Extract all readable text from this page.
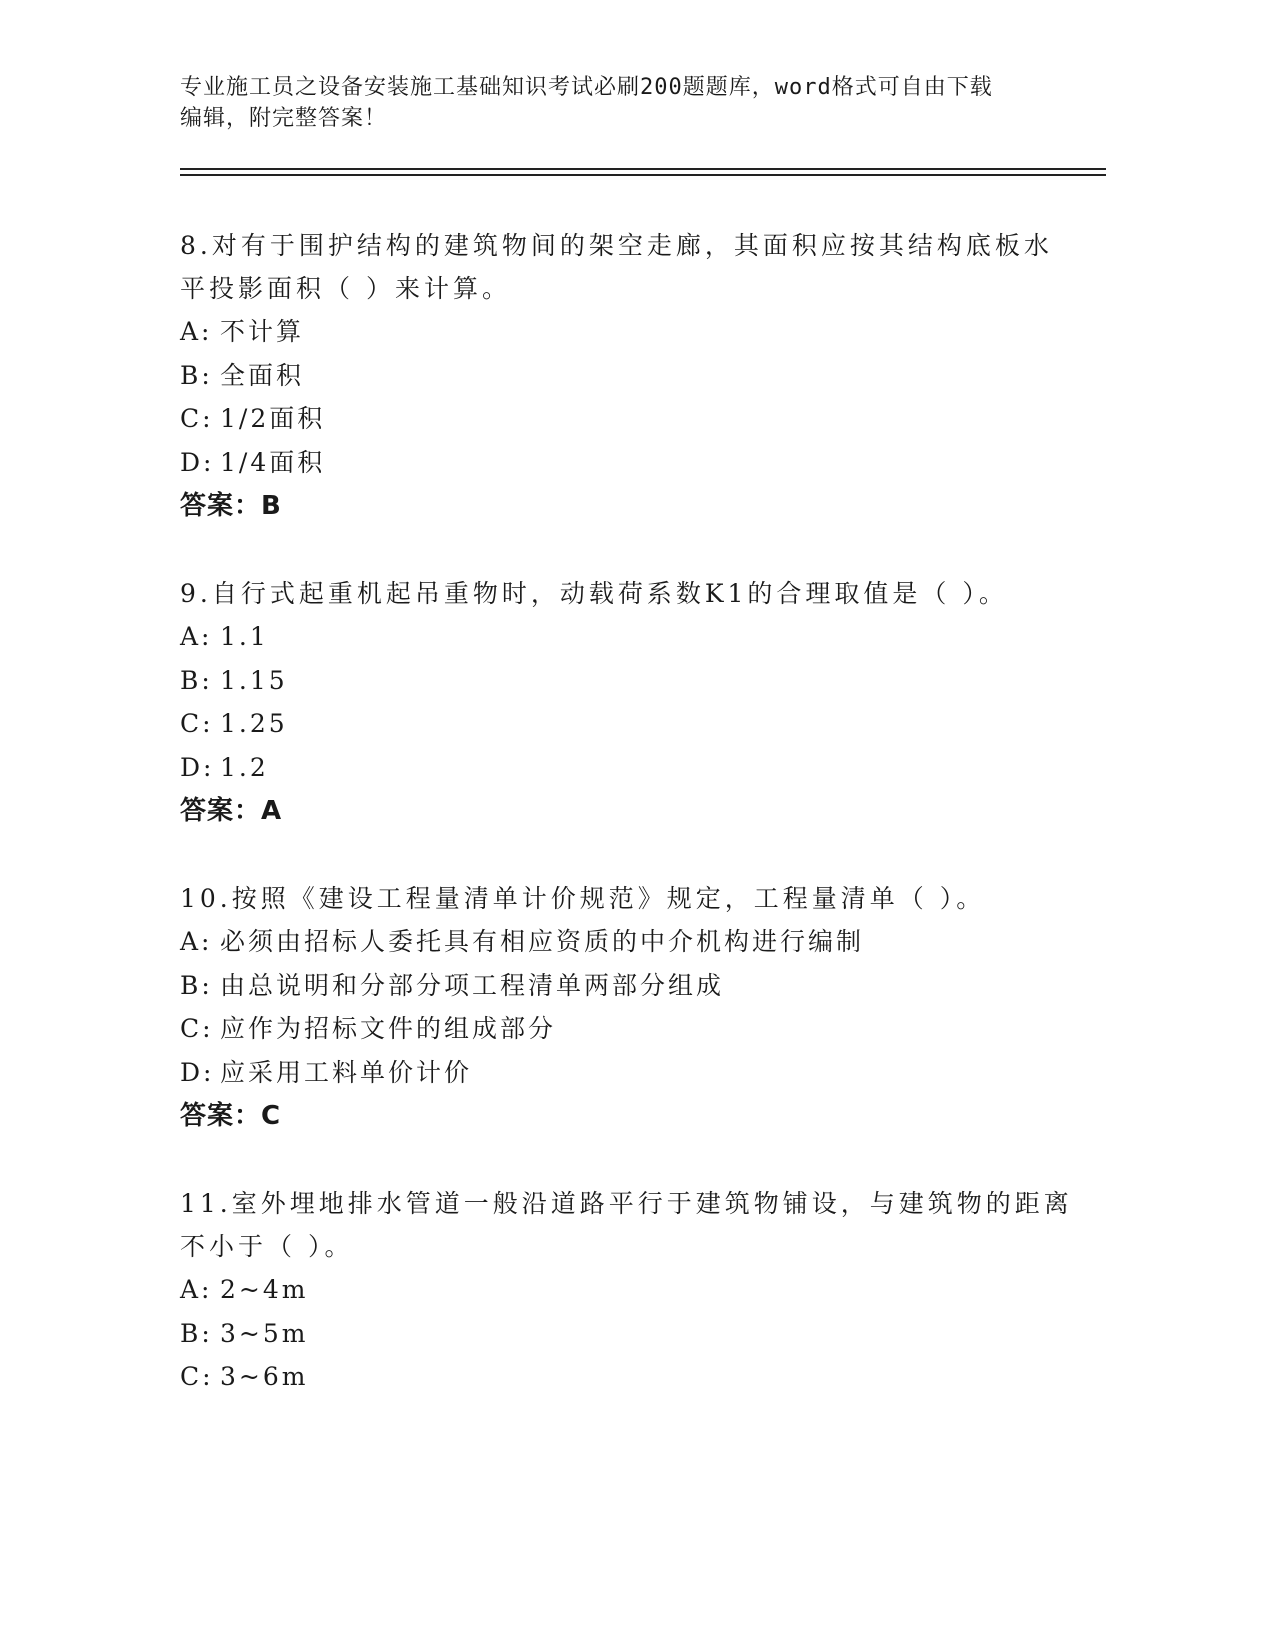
专业施工员之设备安装施工基础知识考试必刷200题题库，word格式可自由下载
编辑，附完整答案！
8.对有于围护结构的建筑物间的架空走廊，其面积应按其结构底板水
平投影面积（ ）来计算。
A: 不计算
B: 全面积
C: 1/2面积
D: 1/4面积
答案：B
9.自行式起重机起吊重物时，动载荷系数K1的合理取值是（ ）。
A: 1.1
B: 1.15
C: 1.25
D: 1.2
答案：A
10.按照《建设工程量清单计价规范》规定，工程量清单（ ）。
A: 必须由招标人委托具有相应资质的中介机构进行编制
B: 由总说明和分部分项工程清单两部分组成
C: 应作为招标文件的组成部分
D: 应采用工料单价计价
答案：C
11.室外埋地排水管道一般沿道路平行于建筑物铺设，与建筑物的距离
不小于（ ）。
A: 2~4m
B: 3~5m
C: 3~6m
